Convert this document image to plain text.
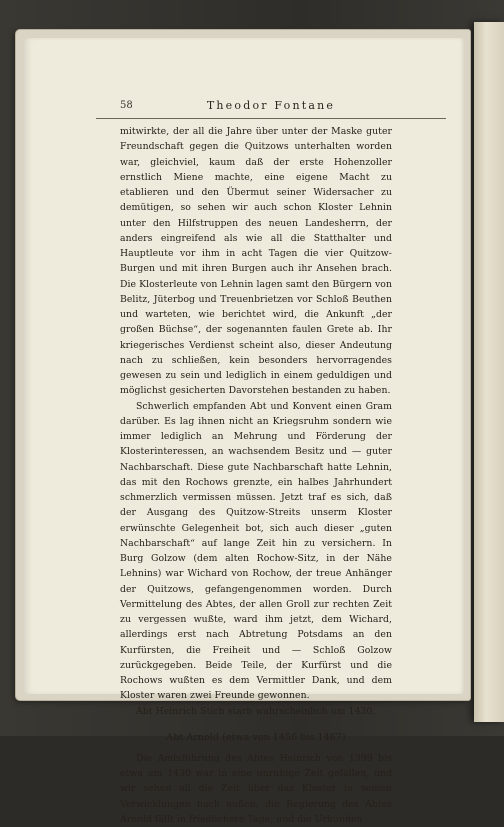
58	Theodor Fontane

mitwirkte, der all die Jahre über unter der Maske guter Freundschaft gegen die Quitzows unterhalten worden war, gleichviel, kaum daß der erste Hohenzoller ernstlich Miene machte, eine eigene Macht zu etablieren und den Übermut seiner Widersacher zu demütigen, so sehen wir auch schon Kloster Lehnin unter den Hilfstruppen des neuen Landesherrn, der anders eingreifend als wie all die Statthalter und Hauptleute vor ihm in acht Tagen die vier Quitzow-Burgen und mit ihren Burgen auch ihr Ansehen brach. Die Klosterleute von Lehnin lagen samt den Bürgern von Belitz, Jüterbog und Treuenbrietzen vor Schloß Beuthen und warteten, wie berichtet wird, die Ankunft „der großen Büchse“, der sogenannten faulen Grete ab. Ihr kriegerisches Verdienst scheint also, dieser Andeutung nach zu schließen, kein besonders hervorragendes gewesen zu sein und lediglich in einem geduldigen und möglichst gesicherten Davorstehen bestanden zu haben.

Schwerlich empfanden Abt und Konvent einen Gram darüber. Es lag ihnen nicht an Kriegsruhm sondern wie immer lediglich an Mehrung und Förderung der Klosterinteressen, an wachsendem Besitz und — guter Nachbarschaft. Diese gute Nachbarschaft hatte Lehnin, das mit den Rochows grenzte, ein halbes Jahrhundert schmerzlich vermissen müssen. Jetzt traf es sich, daß der Ausgang des Quitzow-Streits unserm Kloster erwünschte Gelegenheit bot, sich auch dieser „guten Nachbarschaft“ auf lange Zeit hin zu versichern. In Burg Golzow (dem alten Rochow-Sitz, in der Nähe Lehnins) war Wichard von Rochow, der treue Anhänger der Quitzows, gefangengenommen worden. Durch Vermittelung des Abtes, der allen Groll zur rechten Zeit zu vergessen wußte, ward ihm jetzt, dem Wichard, allerdings erst nach Abtretung Potsdams an den Kurfürsten, die Freiheit und — Schloß Golzow zurückgegeben. Beide Teile, der Kurfürst und die Rochows wußten es dem Vermittler Dank, und dem Kloster waren zwei Freunde gewonnen.

Abt Heinrich Stich starb wahrscheinlich um 1430.

Abt Arnold (etwa von 1456 bis 1467)

Die Amtsführung des Abtes Heinrich von 1399 bis etwa um 1430 war in eine unruhige Zeit gefallen, und wir sehen all die Zeit über das Kloster in seinen Verwicklungen nach außen; die Regierung des Abtes Arnold fällt in friedlichere Tage, und die Urkunden
